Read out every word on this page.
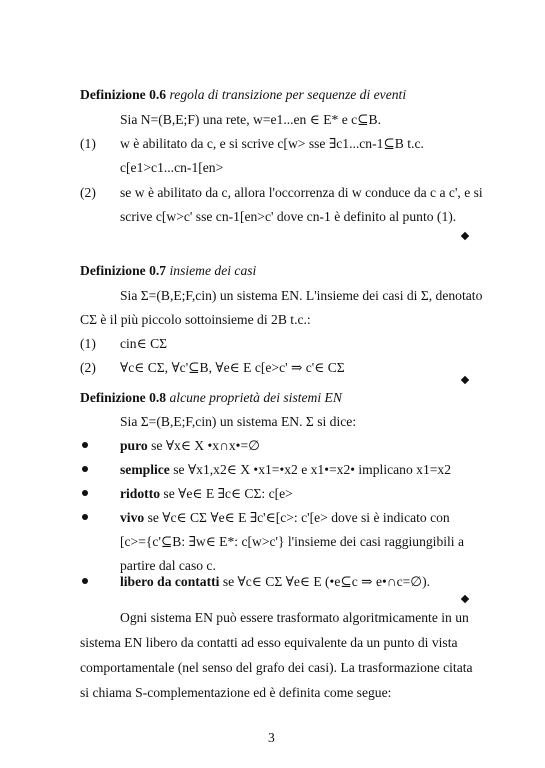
Definizione 0.6 regola di transizione per sequenze di eventi
Sia N=(B,E;F) una rete, w=e1...en ∈ E* e c⊆B.
(1) w è abilitato da c, e si scrive c[w> sse ∃c1...cn-1⊆B t.c.
c[e1>c1...cn-1[en>
(2) se w è abilitato da c, allora l'occorrenza di w conduce da c a c', e si
scrive c[w>c' sse cn-1[en>c' dove cn-1 è definito al punto (1).
Definizione 0.7 insieme dei casi
Sia Σ=(B,E;F,cin) un sistema EN. L'insieme dei casi di Σ, denotato
CΣ è il più piccolo sottoinsieme di 2B t.c.:
(1) cin∈ CΣ
(2) ∀c∈ CΣ, ∀c'⊆B, ∀e∈ E c[e>c' ⇒ c'∈ CΣ
Definizione 0.8 alcune proprietà dei sistemi EN
Sia Σ=(B,E;F,cin) un sistema EN. Σ si dice:
puro se ∀x∈ X •x∩x•=∅
semplice se ∀x1,x2∈ X •x1=•x2 e x1•=x2• implicano x1=x2
ridotto se ∀e∈ E ∃c∈ CΣ: c[e>
vivo se ∀c∈ CΣ ∀e∈ E ∃c'∈[c>: c'[e> dove si è indicato con
[c>={c'⊆B: ∃w∈ E*: c[w>c'} l'insieme dei casi raggiungibili a
partire dal caso c.
libero da contatti se ∀c∈ CΣ ∀e∈ E (•e⊆c ⇒ e•∩c=∅).
Ogni sistema EN può essere trasformato algoritmicamente in un
sistema EN libero da contatti ad esso equivalente da un punto di vista
comportamentale (nel senso del grafo dei casi). La trasformazione citata
si chiama S-complementazione ed è definita come segue:
3
